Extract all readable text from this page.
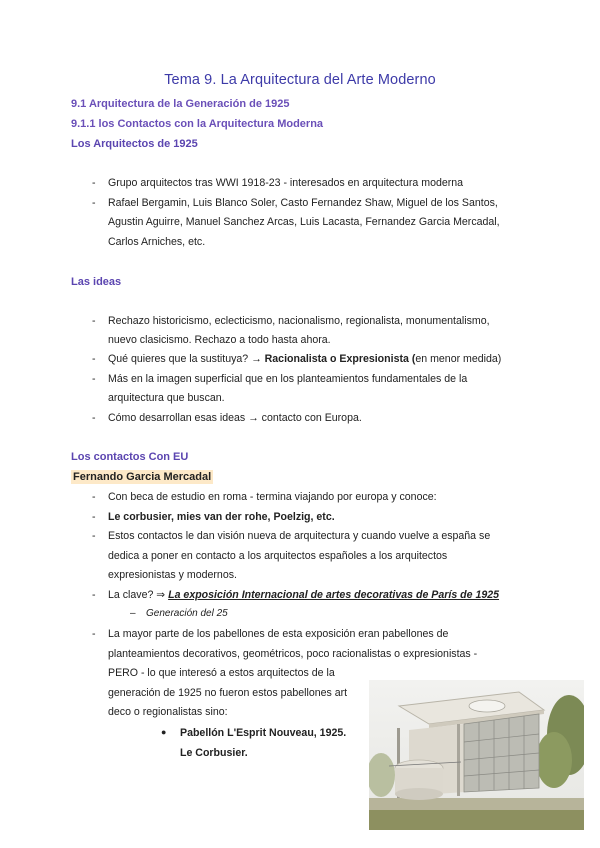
Tema 9. La Arquitectura del Arte Moderno
9.1 Arquitectura de la Generación de 1925
9.1.1 los Contactos con la Arquitectura Moderna
Los Arquitectos de 1925
- Grupo arquitectos tras WWI 1918-23 - interesados en arquitectura moderna
- Rafael Bergamin, Luis Blanco Soler, Casto Fernandez Shaw, Miguel de los Santos,
Agustin Aguirre, Manuel Sanchez Arcas, Luis Lacasta, Fernandez Garcia Mercadal,
Carlos Arniches, etc.
Las ideas
- Rechazo historicismo, eclecticismo, nacionalismo, regionalista, monumentalismo,
nuevo clasicismo. Rechazo a todo hasta ahora.
- Qué quieres que la sustituya? → Racionalista o Expresionista (en menor medida)
- Más en la imagen superficial que en los planteamientos fundamentales de la
arquitectura que buscan.
- Cómo desarrollan esas ideas → contacto con Europa.
Los contactos Con EU
Fernando Garcia Mercadal
- Con beca de estudio en roma - termina viajando por europa y conoce:
- Le corbusier, mies van der rohe, Poelzig, etc.
- Estos contactos le dan visión nueva de arquitectura y cuando vuelve a españa se
dedica a poner en contacto a los arquitectos españoles a los arquitectos
expresionistas y modernos.
- La clave? ⇒ La exposición Internacional de artes decorativas de París de 1925
– Generación del 25
- La mayor parte de los pabellones de esta exposición eran pabellones de
planteamientos decorativos, geométricos, poco racionalistas o expresionistas -
PERO - lo que interesó a estos arquitectos de la
generación de 1925 no fueron estos pabellones art
deco o regionalistas sino:
● Pabellón L'Esprit Nouveau, 1925.
Le Corbusier.
